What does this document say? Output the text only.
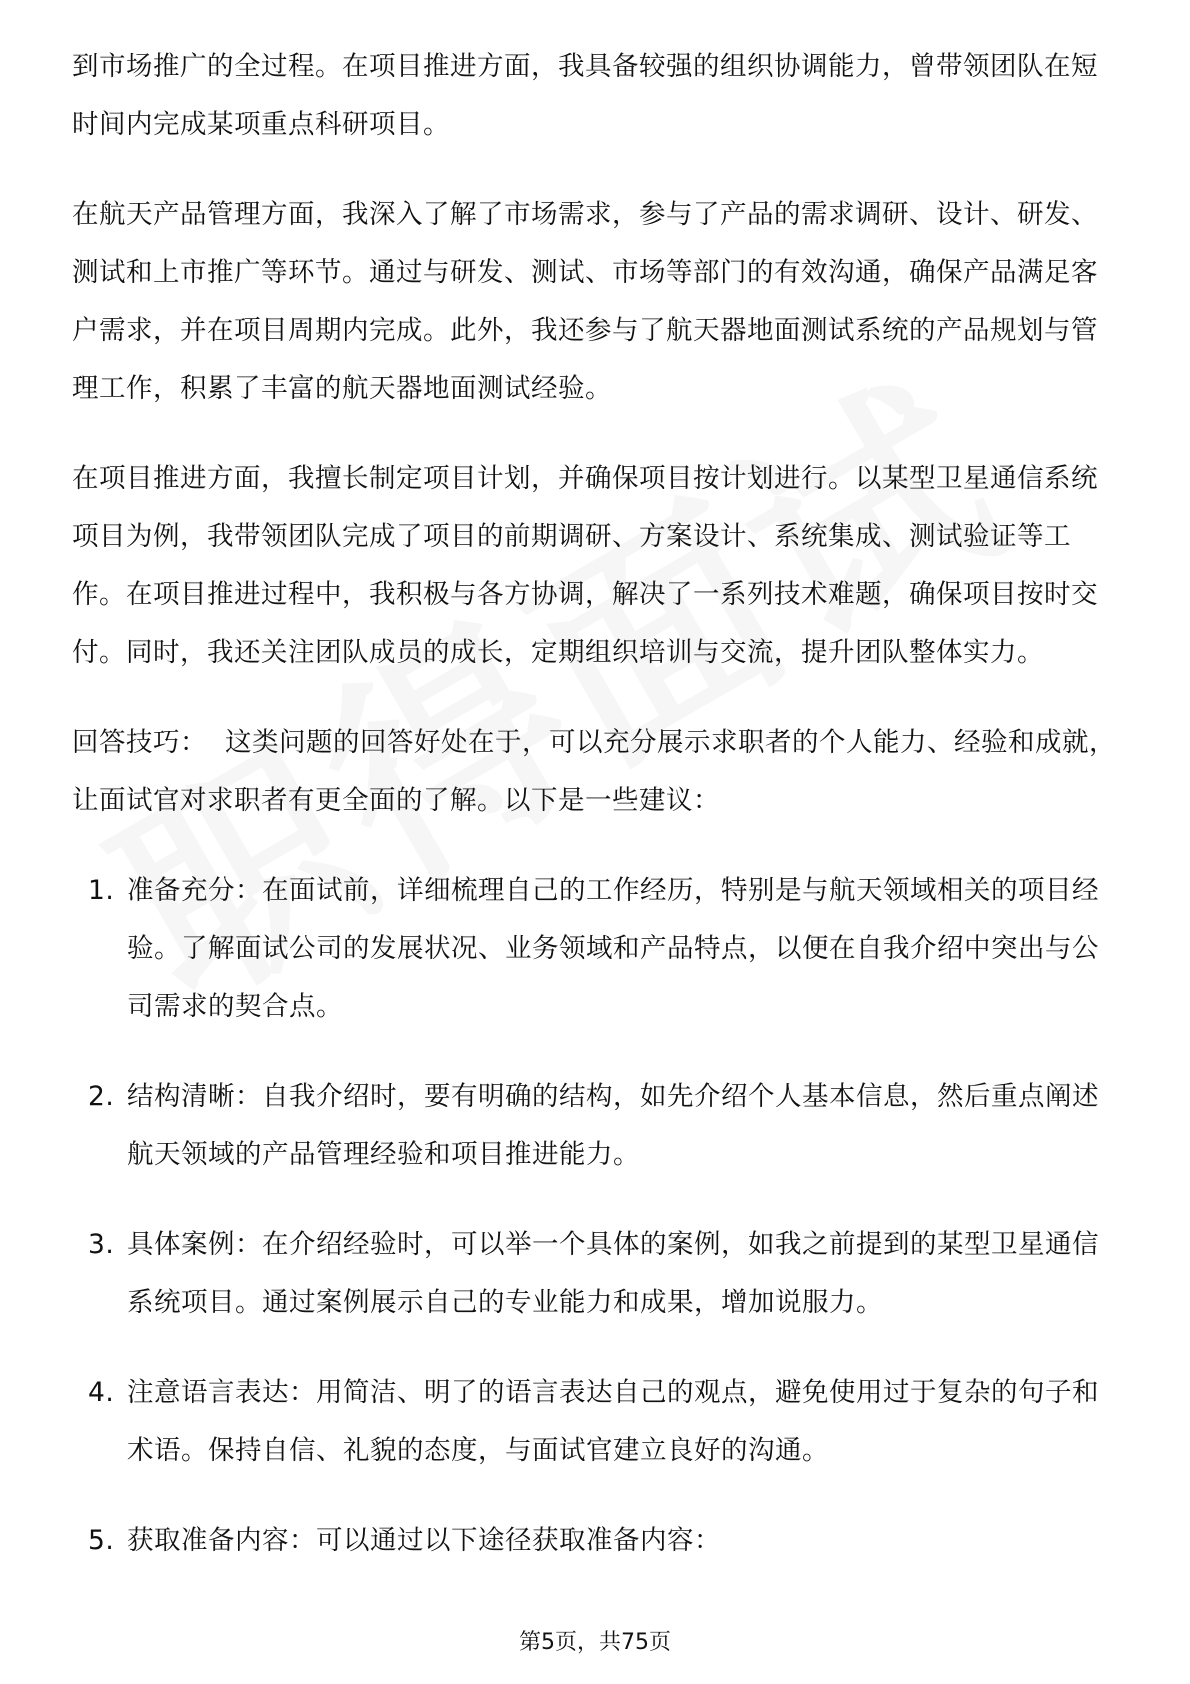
到市场推广的全过程。在项目推进方面，我具备较强的组织协调能力，曾带领团队在短时间内完成某项重点科研项目。

在航天产品管理方面，我深入了解了市场需求，参与了产品的需求调研、设计、研发、测试和上市推广等环节。通过与研发、测试、市场等部门的有效沟通，确保产品满足客户需求，并在项目周期内完成。此外，我还参与了航天器地面测试系统的产品规划与管理工作，积累了丰富的航天器地面测试经验。

在项目推进方面，我擅长制定项目计划，并确保项目按计划进行。以某型卫星通信系统项目为例，我带领团队完成了项目的前期调研、方案设计、系统集成、测试验证等工作。在项目推进过程中，我积极与各方协调，解决了一系列技术难题，确保项目按时交付。同时，我还关注团队成员的成长，定期组织培训与交流，提升团队整体实力。

回答技巧： 这类问题的回答好处在于，可以充分展示求职者的个人能力、经验和成就，让面试官对求职者有更全面的了解。以下是一些建议：

1. 准备充分：在面试前，详细梳理自己的工作经历，特别是与航天领域相关的项目经验。了解面试公司的发展状况、业务领域和产品特点，以便在自我介绍中突出与公司需求的契合点。
2. 结构清晰：自我介绍时，要有明确的结构，如先介绍个人基本信息，然后重点阐述航天领域的产品管理经验和项目推进能力。
3. 具体案例：在介绍经验时，可以举一个具体的案例，如我之前提到的某型卫星通信系统项目。通过案例展示自己的专业能力和成果，增加说服力。
4. 注意语言表达：用简洁、明了的语言表达自己的观点，避免使用过于复杂的句子和术语。保持自信、礼貌的态度，与面试官建立良好的沟通。
5. 获取准备内容：可以通过以下途径获取准备内容：
第5页，共75页
